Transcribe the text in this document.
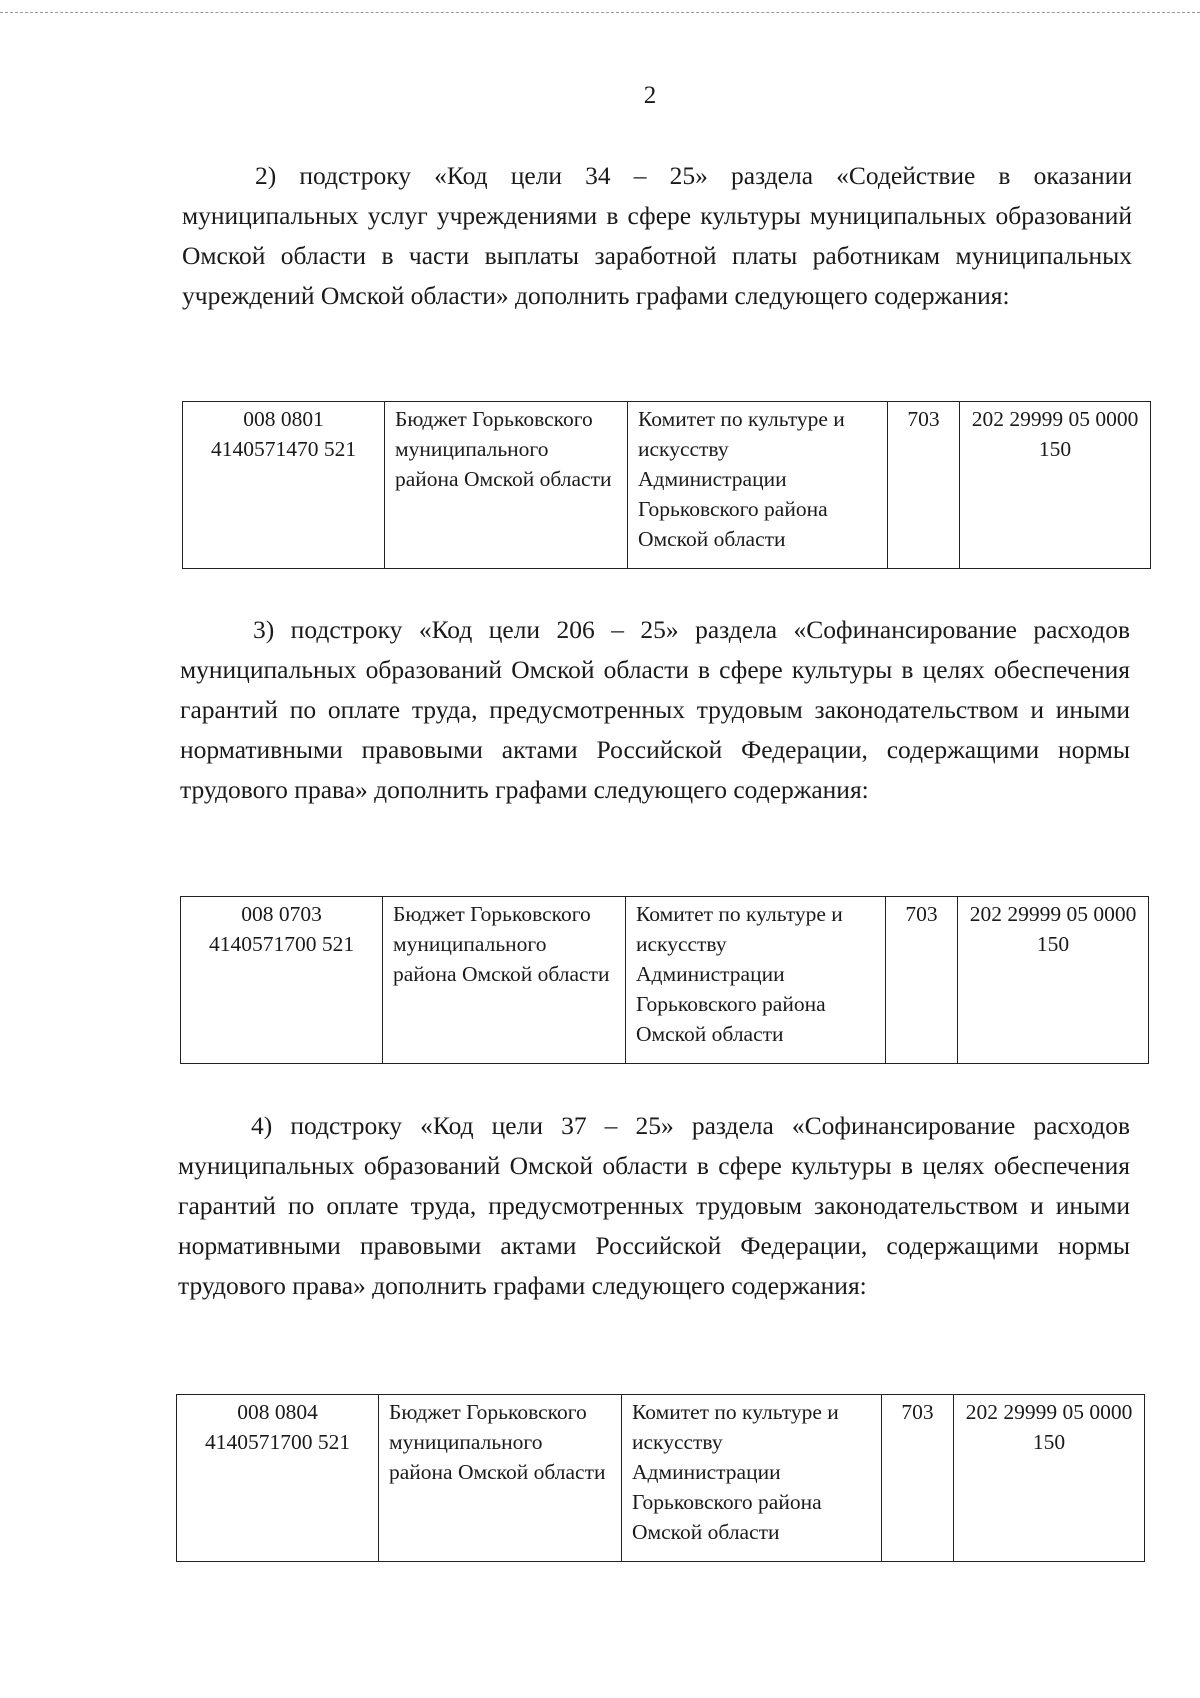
2

2) подстроку «Код цели 34 – 25» раздела «Содействие в оказании муниципальных услуг учреждениями в сфере культуры муниципальных образований Омской области в части выплаты заработной платы работникам муниципальных учреждений Омской области» дополнить графами следующего содержания:

008 0801 4140571470 521	Бюджет Горьковского муниципального района Омской области	Комитет по культуре и искусству Администрации Горьковского района Омской области	703	202 29999 05 0000 150

3) подстроку «Код цели 206 – 25» раздела «Софинансирование расходов муниципальных образований Омской области в сфере культуры в целях обеспечения гарантий по оплате труда, предусмотренных трудовым законодательством и иными нормативными правовыми актами Российской Федерации, содержащими нормы трудового права» дополнить графами следующего содержания:

008 0703 4140571700 521	Бюджет Горьковского муниципального района Омской области	Комитет по культуре и искусству Администрации Горьковского района Омской области	703	202 29999 05 0000 150

4) подстроку «Код цели 37 – 25» раздела «Софинансирование расходов муниципальных образований Омской области в сфере культуры в целях обеспечения гарантий по оплате труда, предусмотренных трудовым законодательством и иными нормативными правовыми актами Российской Федерации, содержащими нормы трудового права» дополнить графами следующего содержания:

008 0804 4140571700 521	Бюджет Горьковского муниципального района Омской области	Комитет по культуре и искусству Администрации Горьковского района Омской области	703	202 29999 05 0000 150
